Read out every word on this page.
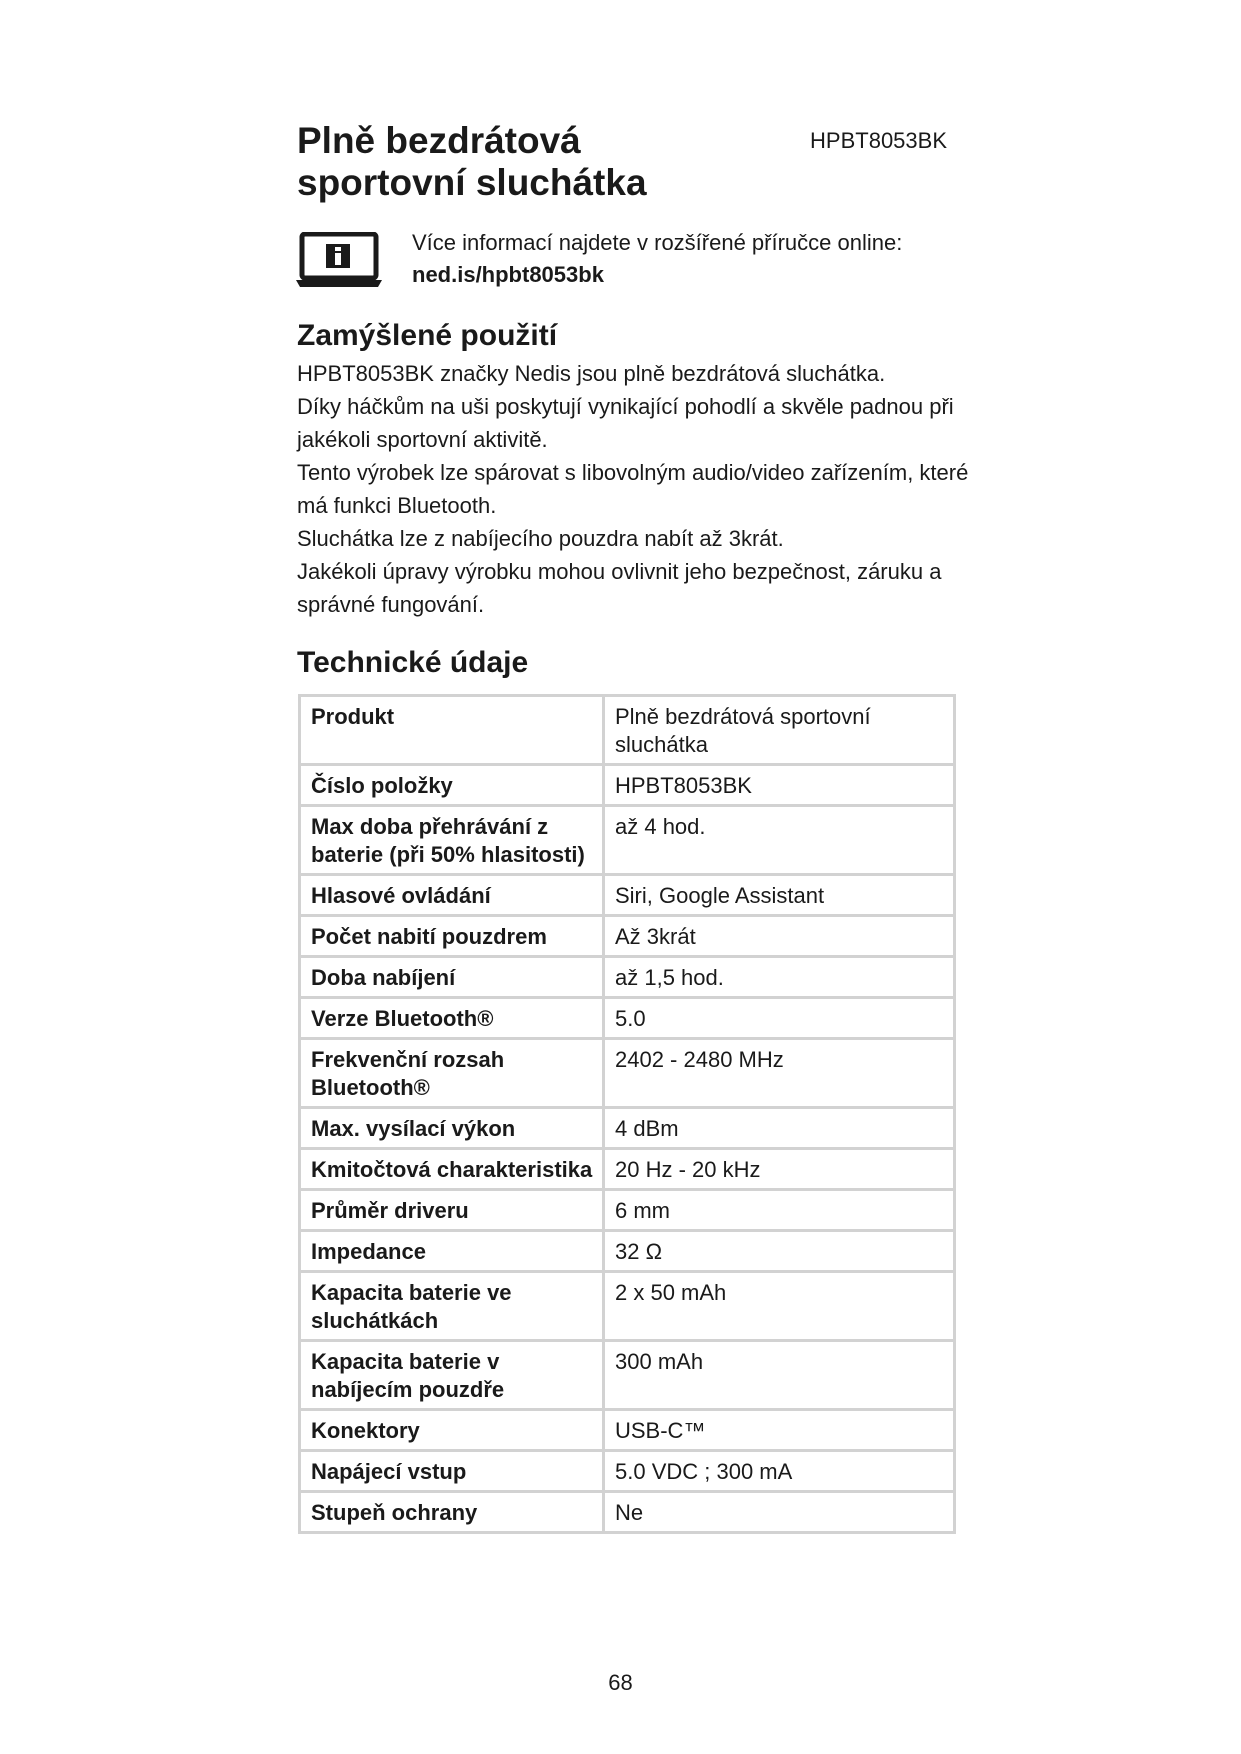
Plně bezdrátová
sportovní sluchátka
HPBT8053BK
Více informací najdete v rozšířené příručce online:
ned.is/hpbt8053bk
Zamýšlené použití

HPBT8053BK značky Nedis jsou plně bezdrátová sluchátka.

Díky háčkům na uši poskytují vynikající pohodlí a skvěle padnou při jakékoli sportovní aktivitě.

Tento výrobek lze spárovat s libovolným audio/video zařízením, které má funkci Bluetooth.

Sluchátka lze z nabíjecího pouzdra nabít až 3krát.

Jakékoli úpravy výrobku mohou ovlivnit jeho bezpečnost, záruku a správné fungování.

Technické údaje
Produkt	Plně bezdrátová sportovní sluchátka
Číslo položky	HPBT8053BK
Max doba přehrávání z baterie (při 50% hlasitosti)	až 4 hod.
Hlasové ovládání	Siri, Google Assistant
Počet nabití pouzdrem	Až 3krát
Doba nabíjení	až 1,5 hod.
Verze Bluetooth®	5.0
Frekvenční rozsah Bluetooth®	2402 - 2480 MHz
Max. vysílací výkon	4 dBm
Kmitočtová charakteristika	20 Hz - 20 kHz
Průměr driveru	6 mm
Impedance	32 Ω
Kapacita baterie ve sluchátkách	2 x 50 mAh
Kapacita baterie v nabíjecím pouzdře	300 mAh
Konektory	USB-C™
Napájecí vstup	5.0 VDC ; 300 mA
Stupeň ochrany	Ne
68
